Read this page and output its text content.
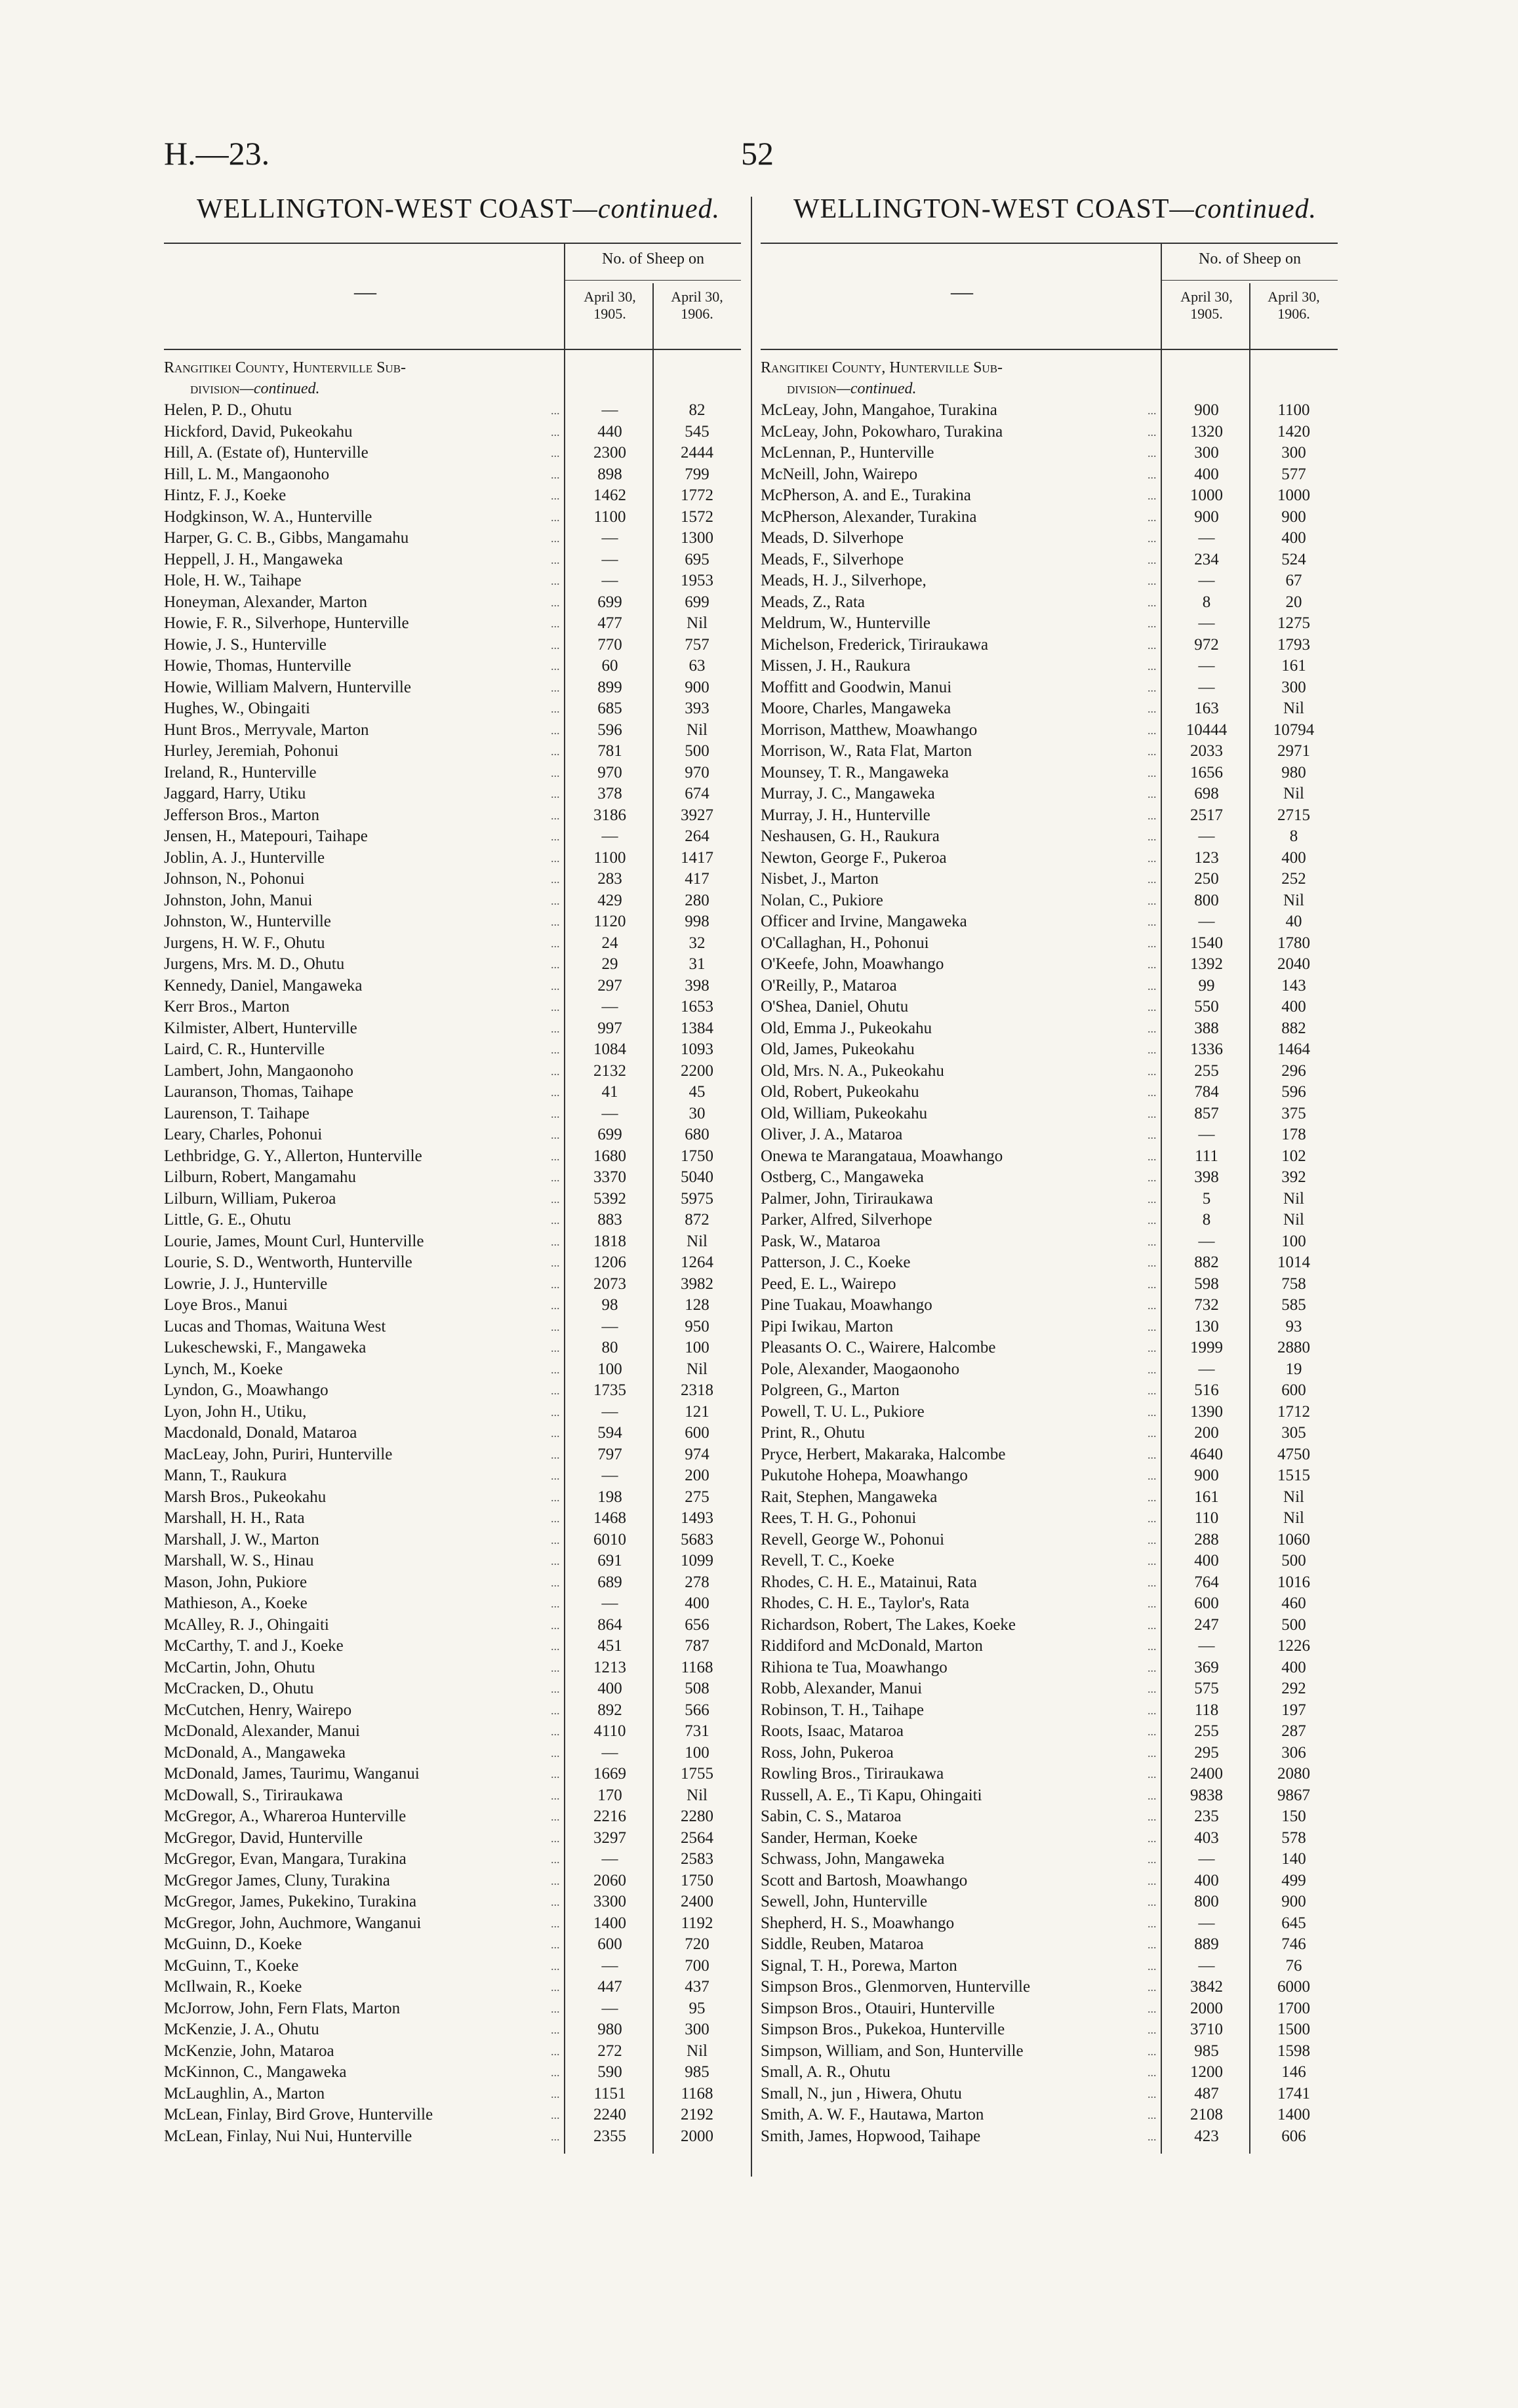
H.—23.	52
WELLINGTON-WEST COAST—continued.	WELLINGTON-WEST COAST—continued.
—
No. of Sheep on
April 30,
1905.
April 30,
1906.
Rangitikei County, Hunterville Sub-
division—continued.
Helen, P. D., Ohutu	—	82
...
Hickford, David, Pukeokahu	440	545
...
Hill, A. (Estate of), Hunterville	2300	2444
...
Hill, L. M., Mangaonoho	898	799
...
Hintz, F. J., Koeke	1462	1772
...
Hodgkinson, W. A., Hunterville	1100	1572
...
Harper, G. C. B., Gibbs, Mangamahu	—	1300
...
Heppell, J. H., Mangaweka	—	695
...
Hole, H. W., Taihape	—	1953
...
Honeyman, Alexander, Marton	699	699
...
Howie, F. R., Silverhope, Hunterville	477	Nil
...
Howie, J. S., Hunterville	770	757
...
Howie, Thomas, Hunterville	60	63
...
Howie, William Malvern, Hunterville	899	900
...
Hughes, W., Obingaiti	685	393
...
Hunt Bros., Merryvale, Marton	596	Nil
...
Hurley, Jeremiah, Pohonui	781	500
...
Ireland, R., Hunterville	970	970
...
Jaggard, Harry, Utiku	378	674
...
Jefferson Bros., Marton	3186	3927
...
Jensen, H., Matepouri, Taihape	—	264
...
Joblin, A. J., Hunterville	1100	1417
...
Johnson, N., Pohonui	283	417
...
Johnston, John, Manui	429	280
...
Johnston, W., Hunterville	1120	998
...
Jurgens, H. W. F., Ohutu	24	32
...
Jurgens, Mrs. M. D., Ohutu	29	31
...
Kennedy, Daniel, Mangaweka	297	398
...
Kerr Bros., Marton	—	1653
...
Kilmister, Albert, Hunterville	997	1384
...
Laird, C. R., Hunterville	1084	1093
...
Lambert, John, Mangaonoho	2132	2200
...
Lauranson, Thomas, Taihape	41	45
...
Laurenson, T. Taihape	—	30
...
Leary, Charles, Pohonui	699	680
...
Lethbridge, G. Y., Allerton, Hunterville	1680	1750
...
Lilburn, Robert, Mangamahu	3370	5040
...
Lilburn, William, Pukeroa	5392	5975
...
Little, G. E., Ohutu	883	872
...
Lourie, James, Mount Curl, Hunterville	1818	Nil
...
Lourie, S. D., Wentworth, Hunterville	1206	1264
...
Lowrie, J. J., Hunterville	2073	3982
...
Loye Bros., Manui	98	128
...
Lucas and Thomas, Waituna West	—	950
...
Lukeschewski, F., Mangaweka	80	100
...
Lynch, M., Koeke	100	Nil
...
Lyndon, G., Moawhango	1735	2318
...
Lyon, John H., Utiku,	—	121
...
Macdonald, Donald, Mataroa	594	600
...
MacLeay, John, Puriri, Hunterville	797	974
...
Mann, T., Raukura	—	200
...
Marsh Bros., Pukeokahu	198	275
...
Marshall, H. H., Rata	1468	1493
...
Marshall, J. W., Marton	6010	5683
...
Marshall, W. S., Hinau	691	1099
...
Mason, John, Pukiore	689	278
...
Mathieson, A., Koeke	—	400
...
McAlley, R. J., Ohingaiti	864	656
...
McCarthy, T. and J., Koeke	451	787
...
McCartin, John, Ohutu	1213	1168
...
McCracken, D., Ohutu	400	508
...
McCutchen, Henry, Wairepo	892	566
...
McDonald, Alexander, Manui	4110	731
...
McDonald, A., Mangaweka	—	100
...
McDonald, James, Taurimu, Wanganui	1669	1755
...
McDowall, S., Tiriraukawa	170	Nil
...
McGregor, A., Whareroa Hunterville	2216	2280
...
McGregor, David, Hunterville	3297	2564
...
McGregor, Evan, Mangara, Turakina	—	2583
...
McGregor James, Cluny, Turakina	2060	1750
...
McGregor, James, Pukekino, Turakina	3300	2400
...
McGregor, John, Auchmore, Wanganui	1400	1192
...
McGuinn, D., Koeke	600	720
...
McGuinn, T., Koeke	—	700
...
McIlwain, R., Koeke	447	437
...
McJorrow, John, Fern Flats, Marton	—	95
...
McKenzie, J. A., Ohutu	980	300
...
McKenzie, John, Mataroa	272	Nil
...
McKinnon, C., Mangaweka	590	985
...
McLaughlin, A., Marton	1151	1168
...
McLean, Finlay, Bird Grove, Hunterville	2240	2192
...
McLean, Finlay, Nui Nui, Hunterville	2355	2000
...
—
No. of Sheep on
April 30,
1905.
April 30,
1906.
Rangitikei County, Hunterville Sub-
division—continued.
McLeay, John, Mangahoe, Turakina	900	1100
...
McLeay, John, Pokowharo, Turakina	1320	1420
...
McLennan, P., Hunterville	300	300
...
McNeill, John, Wairepo	400	577
...
McPherson, A. and E., Turakina	1000	1000
...
McPherson, Alexander, Turakina	900	900
...
Meads, D. Silverhope	—	400
...
Meads, F., Silverhope	234	524
...
Meads, H. J., Silverhope,	—	67
...
Meads, Z., Rata	8	20
...
Meldrum, W., Hunterville	—	1275
...
Michelson, Frederick, Tiriraukawa	972	1793
...
Missen, J. H., Raukura	—	161
...
Moffitt and Goodwin, Manui	—	300
...
Moore, Charles, Mangaweka	163	Nil
...
Morrison, Matthew, Moawhango	10444	10794
...
Morrison, W., Rata Flat, Marton	2033	2971
...
Mounsey, T. R., Mangaweka	1656	980
...
Murray, J. C., Mangaweka	698	Nil
...
Murray, J. H., Hunterville	2517	2715
...
Neshausen, G. H., Raukura	—	8
...
Newton, George F., Pukeroa	123	400
...
Nisbet, J., Marton	250	252
...
Nolan, C., Pukiore	800	Nil
...
Officer and Irvine, Mangaweka	—	40
...
O'Callaghan, H., Pohonui	1540	1780
...
O'Keefe, John, Moawhango	1392	2040
...
O'Reilly, P., Mataroa	99	143
...
O'Shea, Daniel, Ohutu	550	400
...
Old, Emma J., Pukeokahu	388	882
...
Old, James, Pukeokahu	1336	1464
...
Old, Mrs. N. A., Pukeokahu	255	296
...
Old, Robert, Pukeokahu	784	596
...
Old, William, Pukeokahu	857	375
...
Oliver, J. A., Mataroa	—	178
...
Onewa te Marangataua, Moawhango	111	102
...
Ostberg, C., Mangaweka	398	392
...
Palmer, John, Tiriraukawa	5	Nil
...
Parker, Alfred, Silverhope	8	Nil
...
Pask, W., Mataroa	—	100
...
Patterson, J. C., Koeke	882	1014
...
Peed, E. L., Wairepo	598	758
...
Pine Tuakau, Moawhango	732	585
...
Pipi Iwikau, Marton	130	93
...
Pleasants O. C., Wairere, Halcombe	1999	2880
...
Pole, Alexander, Maogaonoho	—	19
...
Polgreen, G., Marton	516	600
...
Powell, T. U. L., Pukiore	1390	1712
...
Print, R., Ohutu	200	305
...
Pryce, Herbert, Makaraka, Halcombe	4640	4750
...
Pukutohe Hohepa, Moawhango	900	1515
...
Rait, Stephen, Mangaweka	161	Nil
...
Rees, T. H. G., Pohonui	110	Nil
...
Revell, George W., Pohonui	288	1060
...
Revell, T. C., Koeke	400	500
...
Rhodes, C. H. E., Matainui, Rata	764	1016
...
Rhodes, C. H. E., Taylor's, Rata	600	460
...
Richardson, Robert, The Lakes, Koeke	247	500
...
Riddiford and McDonald, Marton	—	1226
...
Rihiona te Tua, Moawhango	369	400
...
Robb, Alexander, Manui	575	292
...
Robinson, T. H., Taihape	118	197
...
Roots, Isaac, Mataroa	255	287
...
Ross, John, Pukeroa	295	306
...
Rowling Bros., Tiriraukawa	2400	2080
...
Russell, A. E., Ti Kapu, Ohingaiti	9838	9867
...
Sabin, C. S., Mataroa	235	150
...
Sander, Herman, Koeke	403	578
...
Schwass, John, Mangaweka	—	140
...
Scott and Bartosh, Moawhango	400	499
...
Sewell, John, Hunterville	800	900
...
Shepherd, H. S., Moawhango	—	645
...
Siddle, Reuben, Mataroa	889	746
...
Signal, T. H., Porewa, Marton	—	76
...
Simpson Bros., Glenmorven, Hunterville	3842	6000
...
Simpson Bros., Otauiri, Hunterville	2000	1700
...
Simpson Bros., Pukekoa, Hunterville	3710	1500
...
Simpson, William, and Son, Hunterville	985	1598
...
Small, A. R., Ohutu	1200	146
...
Small, N., jun , Hiwera, Ohutu	487	1741
...
Smith, A. W. F., Hautawa, Marton	2108	1400
...
Smith, James, Hopwood, Taihape	423	606
...
